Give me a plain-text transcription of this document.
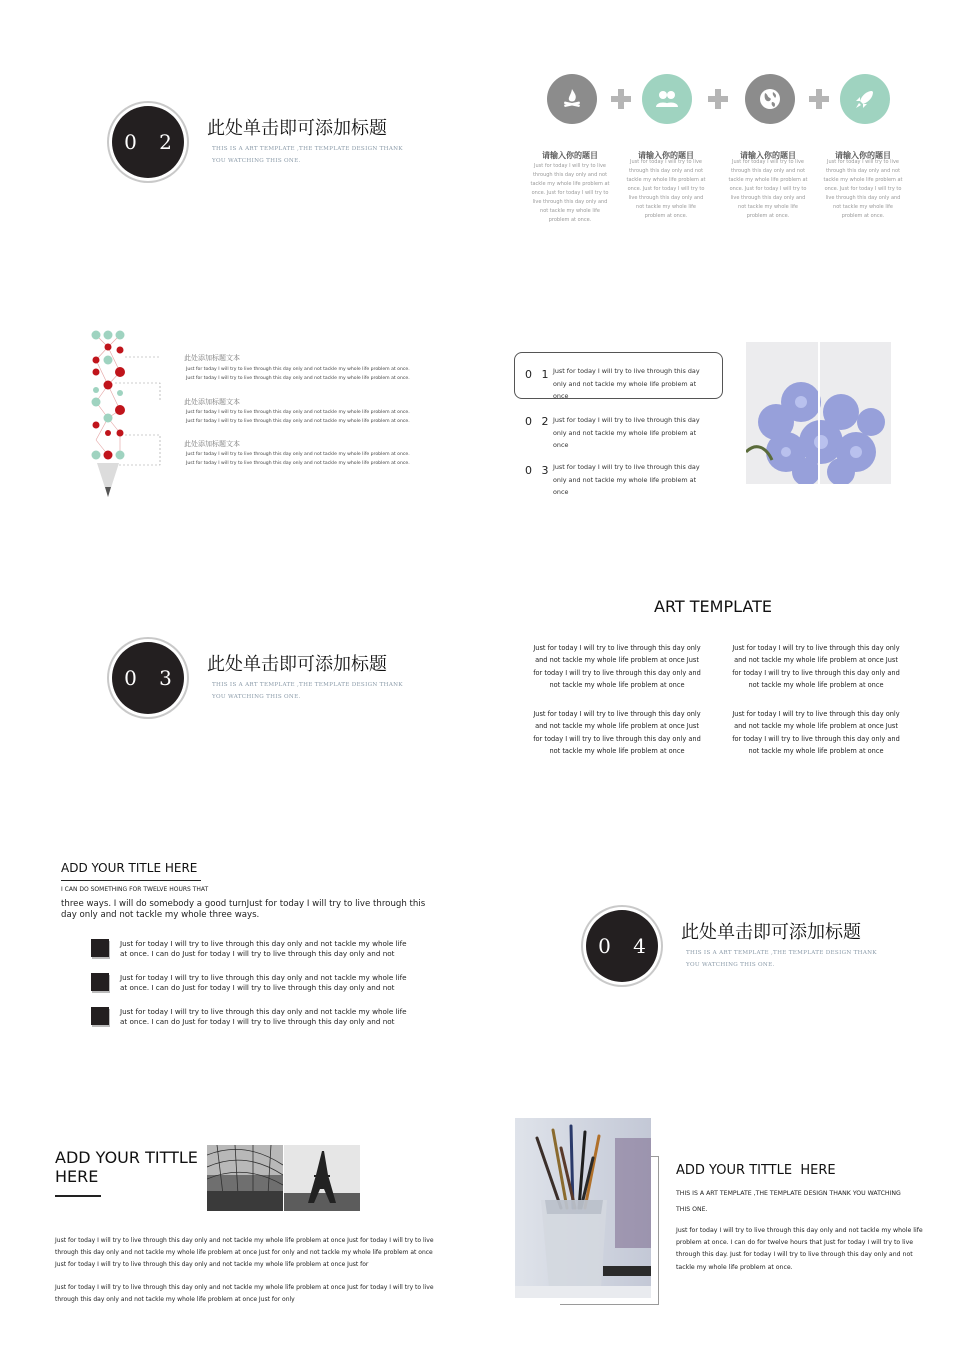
0 2
此处单击即可添加标题
THIS IS A ART TEMPLATE ,THE TEMPLATE DESIGN THANK YOU WATCHING THIS ONE.
请输入你的题目
Just for today I will try to live through this day only and not tackle my whole life problem at once. Just for today I will try to live through this day only and not tackle my whole life problem at once.
请输入你的题目
Just for today I will try to live through this day only and not tackle my whole life problem at once. Just for today I will try to live through this day only and not tackle my whole life problem at once.
请输入你的题目
Just for today I will try to live through this day only and not tackle my whole life problem at once. Just for today I will try to live through this day only and not tackle my whole life problem at once.
请输入你的题目
Just for today I will try to live through this day only and not tackle my whole life problem at once. Just for today I will try to live through this day only and not tackle my whole life problem at once.
此处添加标题文本
Just for today I will try to live through this day only and not tackle my whole life problem at once.
Just for today I will try to live through this day only and not tackle my whole life problem at once.
此处添加标题文本
Just for today I will try to live through this day only and not tackle my whole life problem at once.
Just for today I will try to live through this day only and not tackle my whole life problem at once.
此处添加标题文本
Just for today I will try to live through this day only and not tackle my whole life problem at once.
Just for today I will try to live through this day only and not tackle my whole life problem at once.
0 1 Just for today I will try to live through this day only and not tackle my whole life problem at once
0 2 Just for today I will try to live through this day only and not tackle my whole life problem at once
0 3 Just for today I will try to live through this day only and not tackle my whole life problem at once
0 3
此处单击即可添加标题
THIS IS A ART TEMPLATE ,THE TEMPLATE DESIGN THANK YOU WATCHING THIS ONE.
ART TEMPLATE
Just for today I will try to live through this day only and not tackle my whole life problem at once Just for today I will try to live through this day only and not tackle my whole life problem at once
Just for today I will try to live through this day only and not tackle my whole life problem at once Just for today I will try to live through this day only and not tackle my whole life problem at once
Just for today I will try to live through this day only and not tackle my whole life problem at once Just for today I will try to live through this day only and not tackle my whole life problem at once
Just for today I will try to live through this day only and not tackle my whole life problem at once Just for today I will try to live through this day only and not tackle my whole life problem at once
ADD YOUR TITLE HERE
I CAN DO SOMETHING FOR TWELVE HOURS THAT
three ways. I will do somebody a good turnJust for today I will try to live through this day only and not tackle my whole three ways.
Just for today I will try to live through this day only and not tackle my whole life at once. I can do Just for today I will try to live through this day only and not
Just for today I will try to live through this day only and not tackle my whole life at once. I can do Just for today I will try to live through this day only and not
Just for today I will try to live through this day only and not tackle my whole life at once. I can do Just for today I will try to live through this day only and not
0 4
此处单击即可添加标题
THIS IS A ART TEMPLATE ,THE TEMPLATE DESIGN THANK YOU WATCHING THIS ONE.
ADD YOUR TITTLE HERE
Just for today I will try to live through this day only and not tackle my whole life problem at once Just for today I will try to live through this day only and not tackle my whole life problem at once Just for only and not tackle my whole life problem at once Just for today I will try to live through this day only and not tackle my whole life problem at once Just for
Just for today I will try to live through this day only and not tackle my whole life problem at once Just for today I will try to live through this day only and not tackle my whole life problem at once Just for only
ADD YOUR TITTLE  HERE
THIS IS A ART TEMPLATE ,THE TEMPLATE DESIGN THANK YOU WATCHING THIS ONE.
Just for today I will try to live through this day only and not tackle my whole life problem at once. I can do for twelve hours that Just for today I will try to live through this day. Just for today I will try to live through this day only and not tackle my whole life problem at once.
